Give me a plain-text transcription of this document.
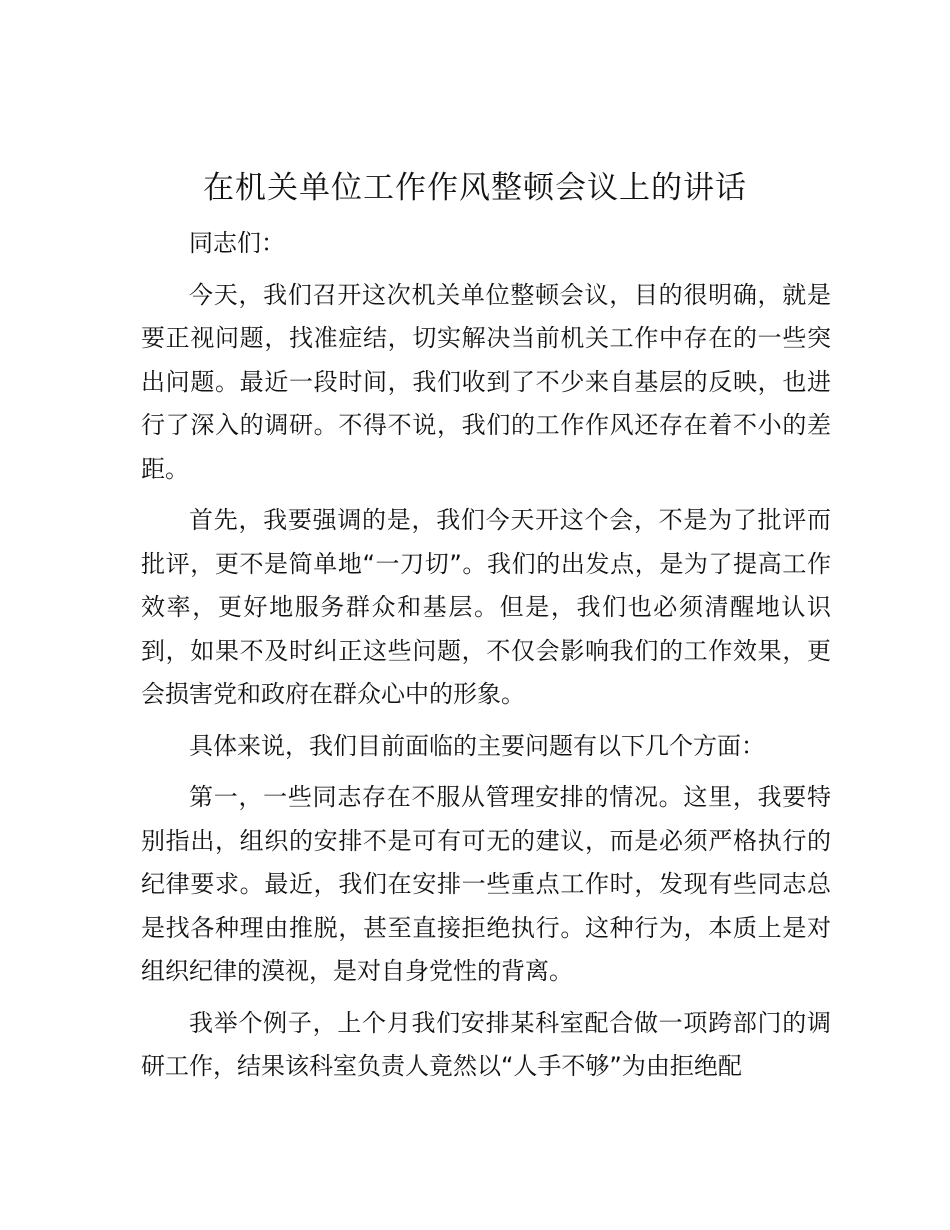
在机关单位工作作风整顿会议上的讲话

同志们：

今天，我们召开这次机关单位整顿会议，目的很明确，就是要正视问题，找准症结，切实解决当前机关工作中存在的一些突出问题。最近一段时间，我们收到了不少来自基层的反映，也进行了深入的调研。不得不说，我们的工作作风还存在着不小的差距。

首先，我要强调的是，我们今天开这个会，不是为了批评而批评，更不是简单地“一刀切”。我们的出发点，是为了提高工作效率，更好地服务群众和基层。但是，我们也必须清醒地认识到，如果不及时纠正这些问题，不仅会影响我们的工作效果，更会损害党和政府在群众心中的形象。

具体来说，我们目前面临的主要问题有以下几个方面：

第一，一些同志存在不服从管理安排的情况。这里，我要特别指出，组织的安排不是可有可无的建议，而是必须严格执行的纪律要求。最近，我们在安排一些重点工作时，发现有些同志总是找各种理由推脱，甚至直接拒绝执行。这种行为，本质上是对组织纪律的漠视，是对自身党性的背离。

我举个例子，上个月我们安排某科室配合做一项跨部门的调研工作，结果该科室负责人竟然以“人手不够”为由拒绝配
